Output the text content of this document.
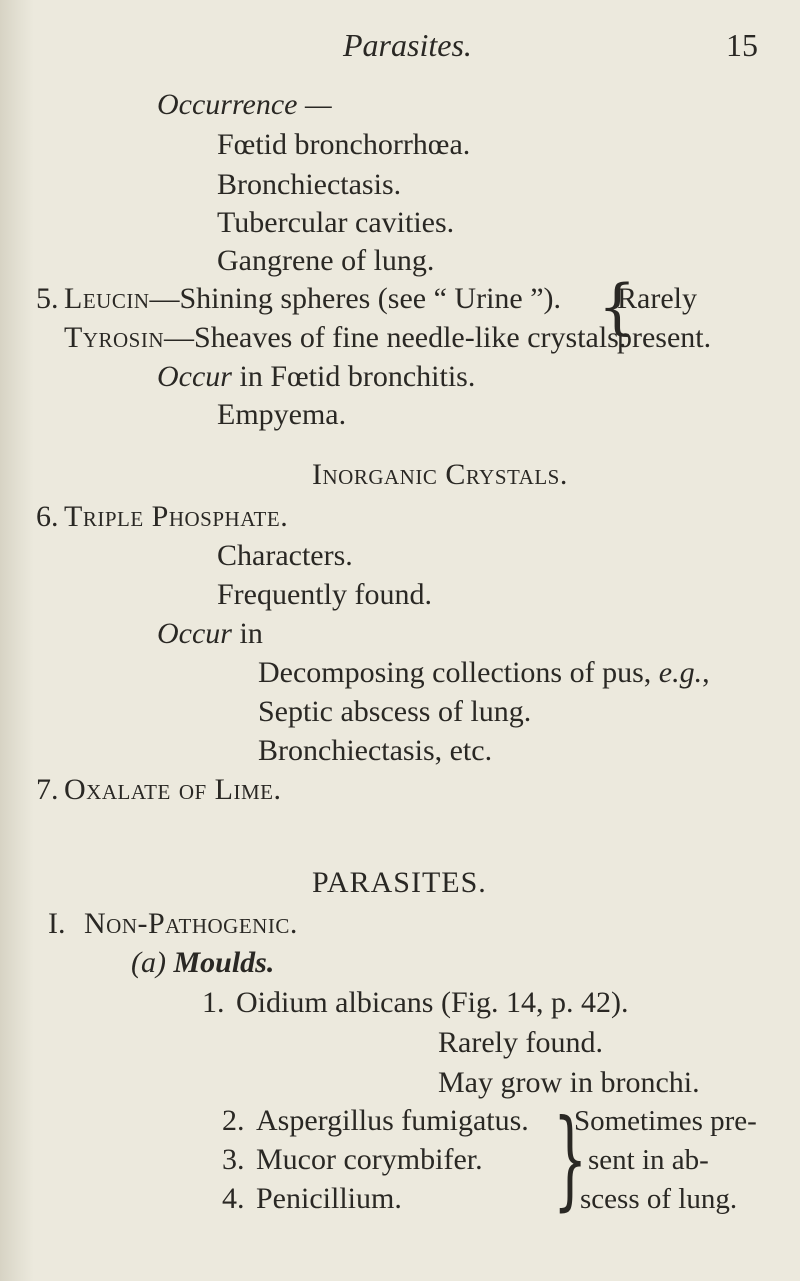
Parasites.	15
Occurrence —
Fœtid bronchorrhœa.
Bronchiectasis.
Tubercular cavities.
Gangrene of lung.
5. Leucin—Shining spheres (see “ Urine ”). {
Rarely
Tyrosin—Sheaves of fine needle-like crystals.
present.
Occur in Fœtid bronchitis.
Empyema.
Inorganic Crystals.
6. Triple Phosphate.
Characters.
Frequently found.
Occur in
Decomposing collections of pus, e.g.,
Septic abscess of lung.
Bronchiectasis, etc.
7. Oxalate of Lime.
PARASITES.
I. Non-Pathogenic.
(a) Moulds.
1. Oidium albicans (Fig. 14, p. 42).
Rarely found.
May grow in bronchi.
2. Aspergillus fumigatus.
3. Mucor corymbifer.
4. Penicillium. }
Sometimes pre-
sent in ab-
scess of lung.
